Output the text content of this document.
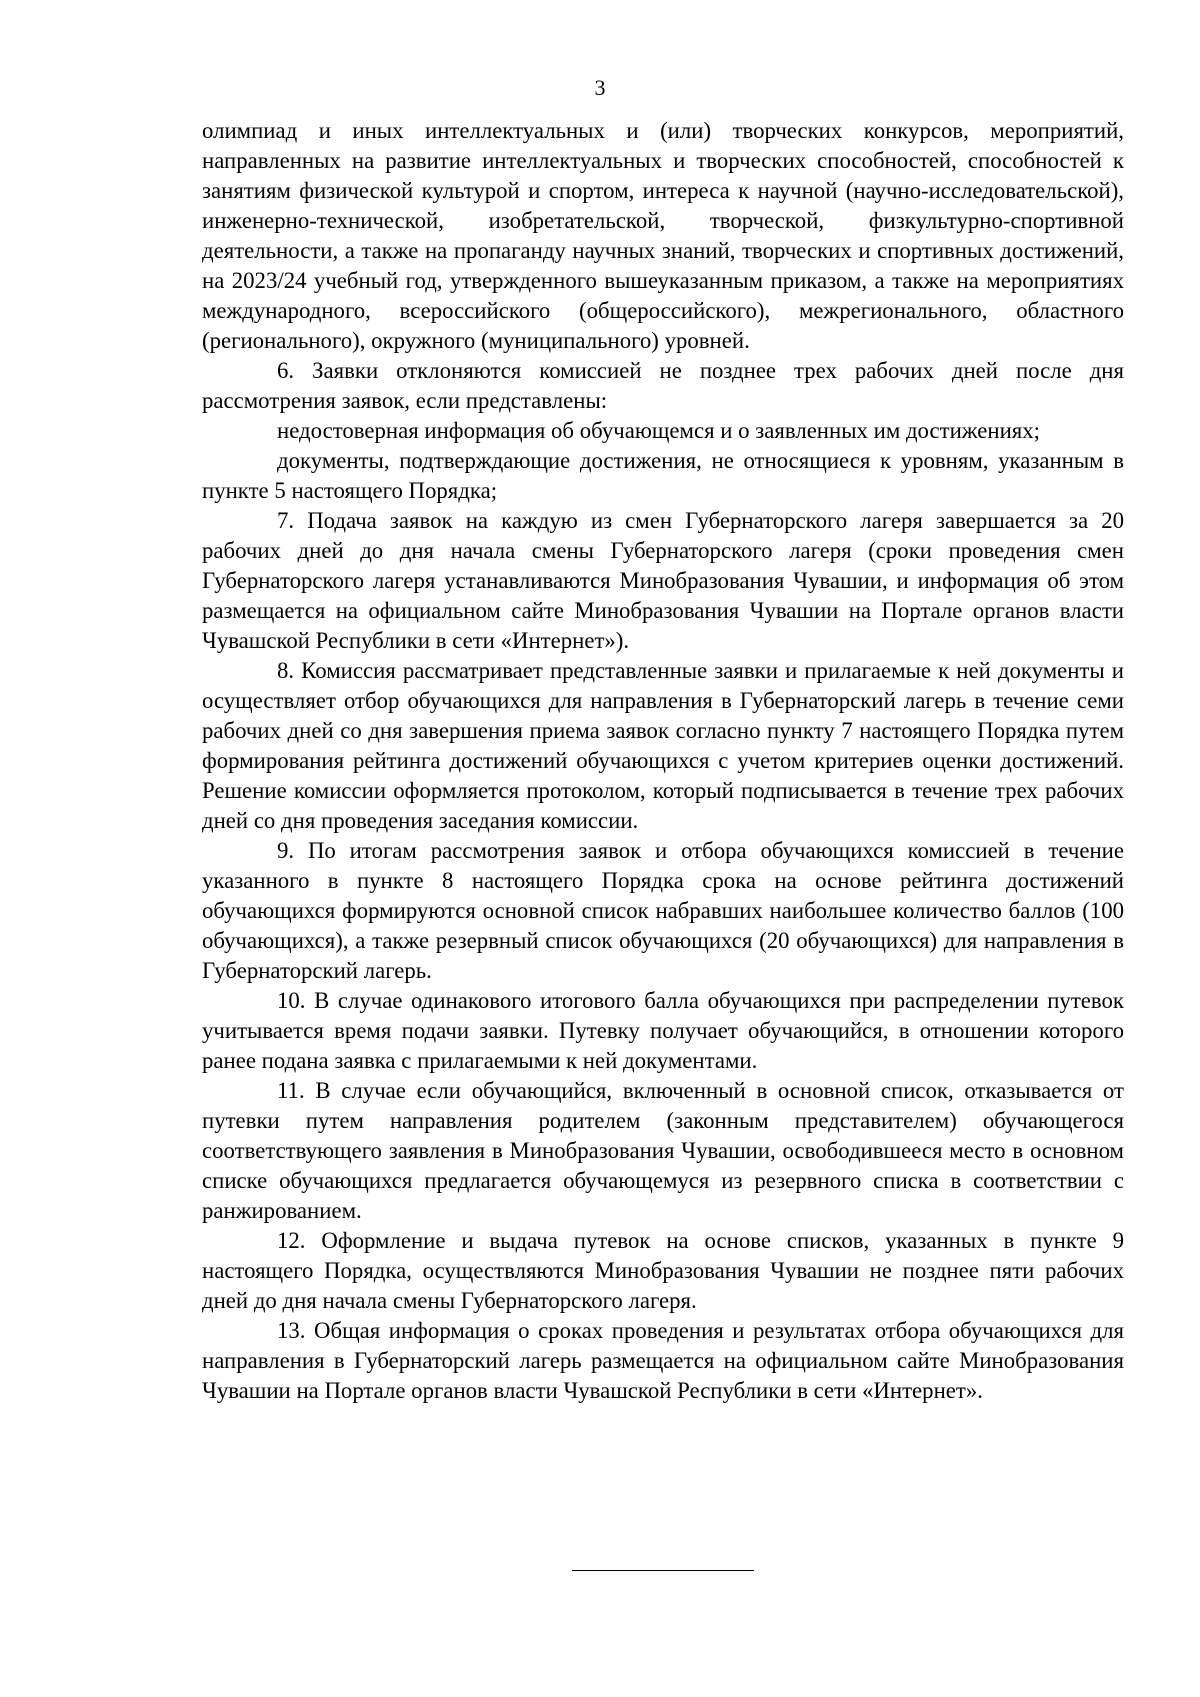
3

олимпиад и иных интеллектуальных и (или) творческих конкурсов, мероприятий, направленных на развитие интеллектуальных и творческих способностей, способностей к занятиям физической культурой и спортом, интереса к научной (научно-исследовательской), инженерно-технической, изобретательской, творческой, физкультурно-спортивной деятельности, а также на пропаганду научных знаний, творческих и спортивных достижений, на 2023/24 учебный год, утвержденного вышеуказанным приказом, а также на мероприятиях международного, всероссийского (общероссийского), межрегионального, областного (регионального), окружного (муниципального) уровней.

6. Заявки отклоняются комиссией не позднее трех рабочих дней после дня рассмотрения заявок, если представлены:

недостоверная информация об обучающемся и о заявленных им достижениях;

документы, подтверждающие достижения, не относящиеся к уровням, указанным в пункте 5 настоящего Порядка;

7. Подача заявок на каждую из смен Губернаторского лагеря завершается за 20 рабочих дней до дня начала смены Губернаторского лагеря (сроки проведения смен Губернаторского лагеря устанавливаются Минобразования Чувашии, и информация об этом размещается на официальном сайте Минобразования Чувашии на Портале органов власти Чувашской Республики в сети «Интернет»).

8. Комиссия рассматривает представленные заявки и прилагаемые к ней документы и осуществляет отбор обучающихся для направления в Губернаторский лагерь в течение семи рабочих дней со дня завершения приема заявок согласно пункту 7 настоящего Порядка путем формирования рейтинга достижений обучающихся с учетом критериев оценки достижений. Решение комиссии оформляется протоколом, который подписывается в течение трех рабочих дней со дня проведения заседания комиссии.

9. По итогам рассмотрения заявок и отбора обучающихся комиссией в течение указанного в пункте 8 настоящего Порядка срока на основе рейтинга достижений обучающихся формируются основной список набравших наибольшее количество баллов (100 обучающихся), а также резервный список обучающихся (20 обучающихся) для направления в Губернаторский лагерь.

10. В случае одинакового итогового балла обучающихся при распределении путевок учитывается время подачи заявки. Путевку получает обучающийся, в отношении которого ранее подана заявка с прилагаемыми к ней документами.

11. В случае если обучающийся, включенный в основной список, отказывается от путевки путем направления родителем (законным представителем) обучающегося соответствующего заявления в Минобразования Чувашии, освободившееся место в основном списке обучающихся предлагается обучающемуся из резервного списка в соответствии с ранжированием.

12. Оформление и выдача путевок на основе списков, указанных в пункте 9 настоящего Порядка, осуществляются Минобразования Чувашии не позднее пяти рабочих дней до дня начала смены Губернаторского лагеря.

13. Общая информация о сроках проведения и результатах отбора обучающихся для направления в Губернаторский лагерь размещается на официальном сайте Минобразования Чувашии на Портале органов власти Чувашской Республики в сети «Интернет».
